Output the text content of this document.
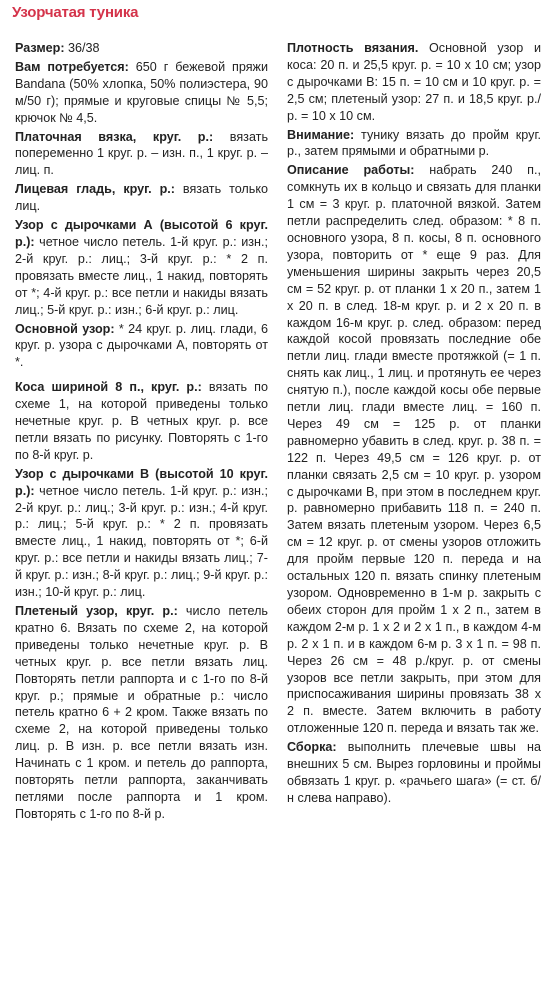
Узорчатая туника

Размер: 36/38

Вам потребуется: 650 г бежевой пряжи Bandana (50% хлопка, 50% полиэстера, 90 м/50 г); прямые и круговые спицы № 5,5; крючок № 4,5.

Платочная вязка, круг. р.: вязать попеременно 1 круг. р. – изн. п., 1 круг. р. – лиц. п.

Лицевая гладь, круг. р.: вязать только лиц.

Узор с дырочками А (высотой 6 круг. р.): четное число петель. 1-й круг. р.: изн.; 2-й круг. р.: лиц.; 3-й круг. р.: * 2 п. провязать вместе лиц., 1 накид, повторять от *; 4-й круг. р.: все петли и накиды вязать лиц.; 5-й круг. р.: изн.; 6-й круг. р.: лиц.

Основной узор: * 24 круг. р. лиц. глади, 6 круг. р. узора с дырочками А, повторять от *.

Коса шириной 8 п., круг. р.: вязать по схеме 1, на которой приведены только нечетные круг. р. В четных круг. р. все петли вязать по рисунку. Повторять с 1-го по 8-й круг. р.

Узор с дырочками В (высотой 10 круг. р.): четное число петель. 1-й круг. р.: изн.; 2-й круг. р.: лиц.; 3-й круг. р.: изн.; 4-й круг. р.: лиц.; 5-й круг. р.: * 2 п. провязать вместе лиц., 1 накид, повторять от *; 6-й круг. р.: все петли и накиды вязать лиц.; 7-й круг. р.: изн.; 8-й круг. р.: лиц.; 9-й круг. р.: изн.; 10-й круг. р.: лиц.

Плетеный узор, круг. р.: число петель кратно 6. Вязать по схеме 2, на которой приведены только нечетные круг. р. В четных круг. р. все петли вязать лиц. Повторять петли раппорта и с 1-го по 8-й круг. р.; прямые и обратные р.: число петель кратно 6 + 2 кром. Также вязать по схеме 2, на которой приведены только лиц. р. В изн. р. все петли вязать изн. Начинать с 1 кром. и петель до раппорта, повторять петли раппорта, заканчивать петлями после раппорта и 1 кром. Повторять с 1-го по 8-й р.

Плотность вязания. Основной узор и коса: 20 п. и 25,5 круг. р. = 10 х 10 см; узор с дырочками В: 15 п. = 10 см и 10 круг. р. = 2,5 см; плетеный узор: 27 п. и 18,5 круг. р./р. = 10 х 10 см.

Внимание: тунику вязать до пройм круг. р., затем прямыми и обратными р.

Описание работы: набрать 240 п., сомкнуть их в кольцо и связать для планки 1 см = 3 круг. р. платочной вязкой. Затем петли распределить след. образом: * 8 п. основного узора, 8 п. косы, 8 п. основного узора, повторить от * еще 9 раз. Для уменьшения ширины закрыть через 20,5 см = 52 круг. р. от планки 1 х 20 п., затем 1 х 20 п. в след. 18-м круг. р. и 2 х 20 п. в каждом 16-м круг. р. след. образом: перед каждой косой провязать последние обе петли лиц. глади вместе протяжкой (= 1 п. снять как лиц., 1 лиц. и протянуть ее через снятую п.), после каждой косы обе первые петли лиц. глади вместе лиц. = 160 п. Через 49 см = 125 р. от планки равномерно убавить в след. круг. р. 38 п. = 122 п. Через 49,5 см = 126 круг. р. от планки связать 2,5 см = 10 круг. р. узором с дырочками В, при этом в последнем круг. р. равномерно прибавить 118 п. = 240 п. Затем вязать плетеным узором. Через 6,5 см = 12 круг. р. от смены узоров отложить для пройм первые 120 п. переда и на остальных 120 п. вязать спинку плетеным узором. Одновременно в 1-м р. закрыть с обеих сторон для пройм 1 х 2 п., затем в каждом 2-м р. 1 х 2 и 2 х 1 п., в каждом 4-м р. 2 х 1 п. и в каждом 6-м р. 3 х 1 п. = 98 п. Через 26 см = 48 р./круг. р. от смены узоров все петли закрыть, при этом для приспосаживания ширины провязать 38 х 2 п. вместе. Затем включить в работу отложенные 120 п. переда и вязать так же.

Сборка: выполнить плечевые швы на внешних 5 см. Вырез горловины и проймы обвязать 1 круг. р. «рачьего шага» (= ст. б/н слева направо).
